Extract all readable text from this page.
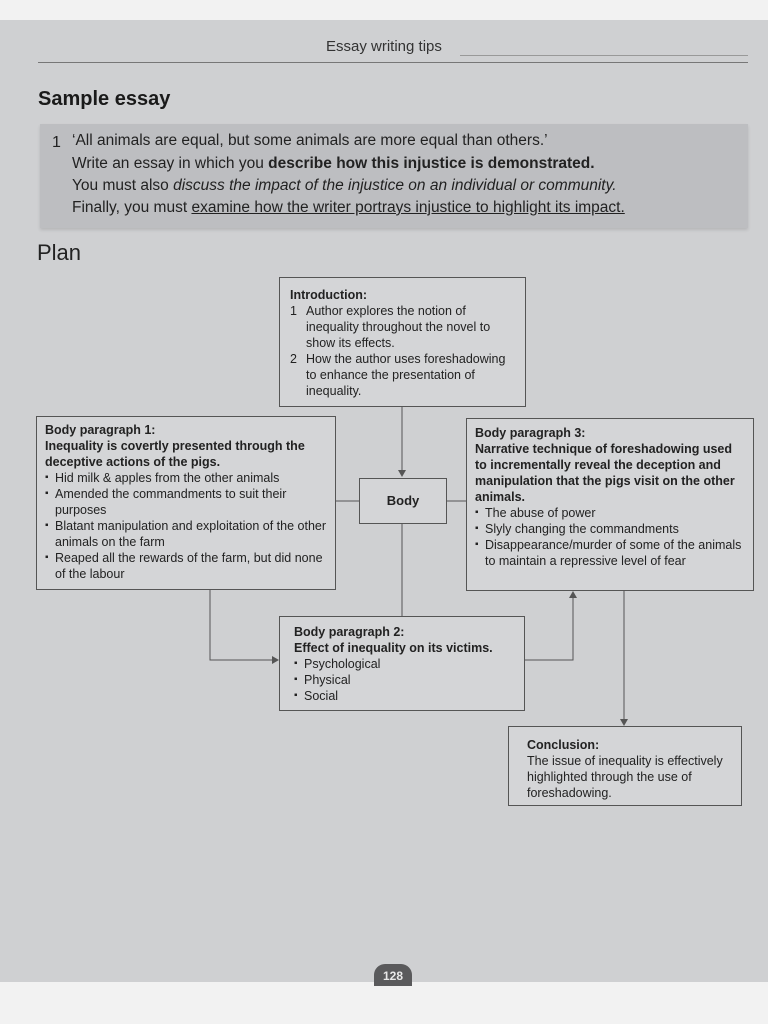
Essay writing tips
Sample essay
1 ‘All animals are equal, but some animals are more equal than others.’
Write an essay in which you describe how this injustice is demonstrated.
You must also discuss the impact of the injustice on an individual or community.
Finally, you must examine how the writer portrays injustice to highlight its impact.
Plan
Introduction:
1 Author explores the notion of inequality throughout the novel to show its effects.
2 How the author uses foreshadowing to enhance the presentation of inequality.
Body paragraph 1:
Inequality is covertly presented through the deceptive actions of the pigs.
▪ Hid milk & apples from the other animals
▪ Amended the commandments to suit their purposes
▪ Blatant manipulation and exploitation of the other animals on the farm
▪ Reaped all the rewards of the farm, but did none of the labour
Body
Body paragraph 3:
Narrative technique of foreshadowing used to incrementally reveal the deception and manipulation that the pigs visit on the other animals.
▪ The abuse of power
▪ Slyly changing the commandments
▪ Disappearance/murder of some of the animals to maintain a repressive level of fear
Body paragraph 2:
Effect of inequality on its victims.
▪ Psychological
▪ Physical
▪ Social
Conclusion:
The issue of inequality is effectively highlighted through the use of foreshadowing.
128
